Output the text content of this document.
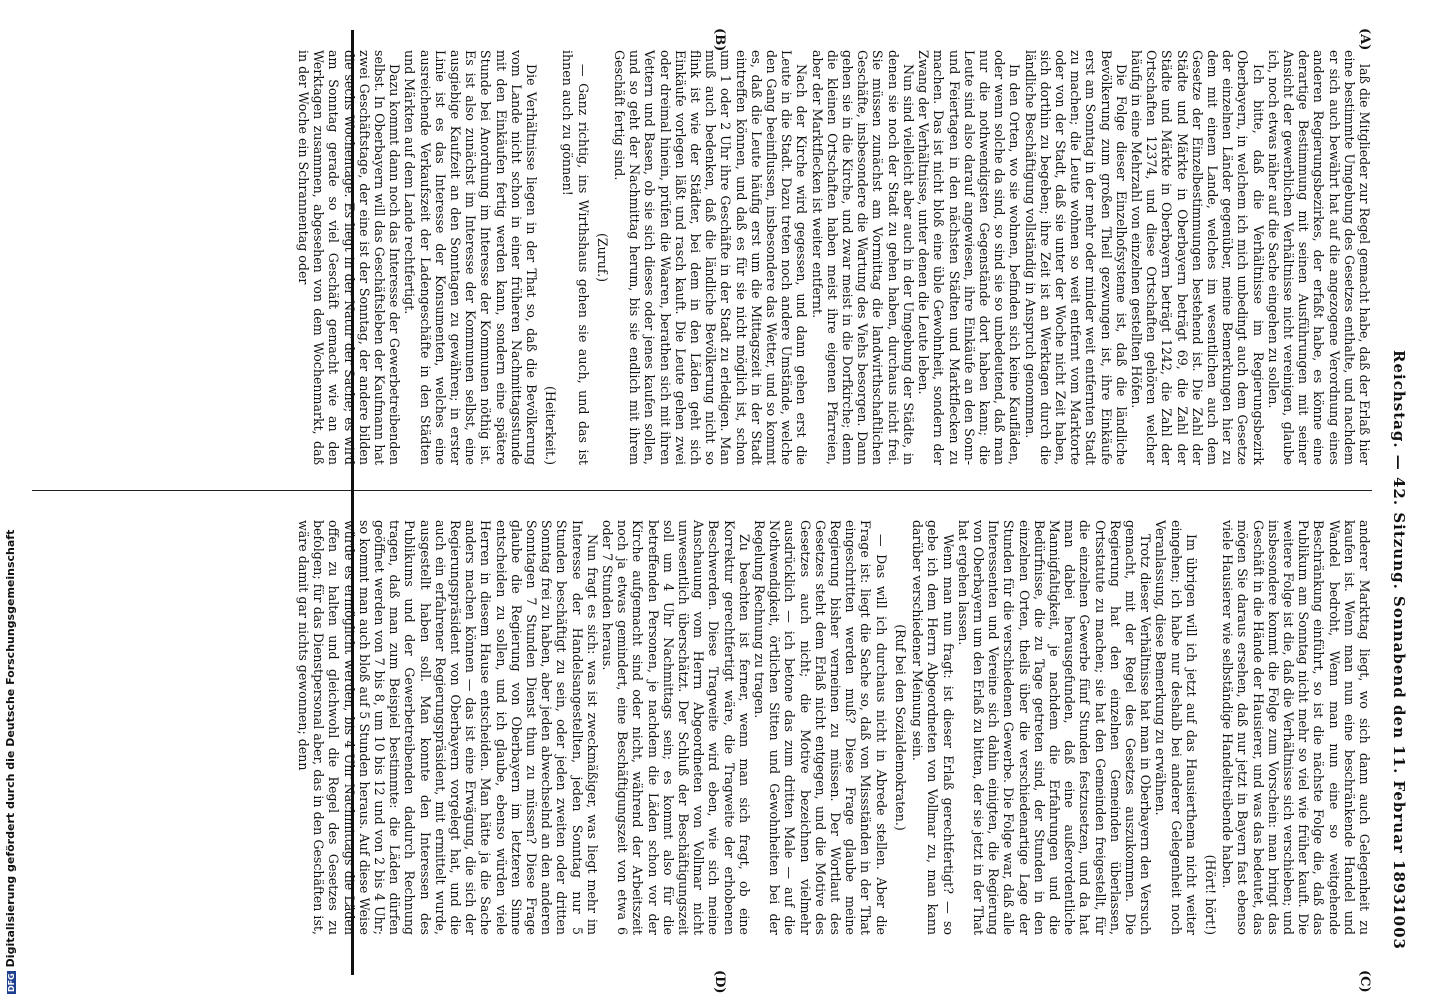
Reichstag. — 42. Sitzung. Sonnabend den 11. Februar 1893.
1003
(A)
(B)
(C)
(D)

laß die Mitglieder zur Regel gemacht habe, daß der Erlaß hier eine bestimmte Umgebung des Gesetzes enthalte, und nachdem er sich auch bewährt hat auf die angezogene Verordnung eines anderen Regierungsbezirkes, der erfaßt habe, es könne eine derartige Bestimmung mit seinen Ausführungen mit seiner Ansicht der gewerblichen Verhältnisse nicht vereinigen, glaube ich, noch etwas näher auf die Sache eingehen zu sollen.

Ich bitte, daß die Verhältnisse im Regierungsbezirk Oberbayern, in welchem ich mich unbedingt auch dem Gesetze der einzelnen Länder gegenüber, meine Bemerkungen hier zu dem mit einem Lande, welches im wesentlichen auch dem Gesetze der Einzelbestimmungen bestehend ist. Die Zahl der Städte und Märkte in Oberbayern beträgt 69, die Zahl der Städte und Märkte in Oberbayern beträgt 1242, die Zahl der Ortschaften 12374, und diese Ortschaften gehören welcher häufig in eine Mehrzahl von einzelnen gestellten Höfen.

Die Folge dieser Einzelhofsysteme ist, daß die ländliche Bevölkerung zum großen Theil gezwungen ist, ihre Einkäufe erst am Sonntag in der mehr oder minder weit entfernten Stadt zu machen; die Leute wohnen so weit entfernt vom Marktorte oder von der Stadt, daß sie unter der Woche nicht Zeit haben, sich dorthin zu begeben; ihre Zeit ist an Werktagen durch die ländliche Beschäftigung vollständig in Anspruch genommen.

In den Orten, wo sie wohnen, befinden sich keine Kaufläden, oder wenn solche da sind, so sind sie so unbedeutend, daß man nur die nothwendigsten Gegenstände dort haben kann; die Leute sind also darauf angewiesen, ihre Einkäufe an den Sonn- und Feiertagen in den nächsten Städten und Marktflecken zu machen. Das ist nicht bloß eine üble Gewohnheit, sondern der Zwang der Verhältnisse, unter denen die Leute leben.

Nun sind vielleicht aber auch in der Umgebung der Städte, in denen sie noch der Stadt zu gehen haben, durchaus nicht frei. Sie müssen zunächst am Vormittag die landwirthschaftlichen Geschäfte, insbesondere die Wartung des Viehs besorgen. Dann gehen sie in die Kirche, und zwar meist in die Dorfkirche; denn die kleinen Ortschaften haben meist ihre eigenen Pfarreien, aber der Marktflecken ist weiter entfernt.

Nach der Kirche wird gegessen, und dann gehen erst die Leute in die Stadt. Dazu treten noch andere Umstände, welche den Gang beeinflussen, insbesondere das Wetter, und so kommt es, daß die Leute häufig erst um die Mittagszeit in der Stadt eintreffen können, und daß es für sie nicht möglich ist, schon um 1 oder 2 Uhr ihre Geschäfte in der Stadt zu erledigen. Man muß auch bedenken, daß die ländliche Bevölkerung nicht so flink ist wie der Städter, bei dem in den Läden geht sich Einkäufe vorlegen läßt und rasch kauft. Die Leute gehen zwei oder dreimal hinein, prüfen die Waaren, berathen sich mit ihren Vettern und Basen, ob sie sich dieses oder jenes kaufen sollen, und so geht der Nachmittag herum, bis sie endlich mit ihrem Geschäft fertig sind.

(Zuruf.)

— Ganz richtig, ins Wirthshaus gehen sie auch, und das ist ihnen auch zu gönnen!

(Heiterkeit.)

Die Verhältnisse liegen in der That so, daß die Bevölkerung vom Lande nicht schon in einer früheren Nachmittagsstunde mit den Einkäufen fertig werden kann, sondern eine spätere Stunde bei Anordnung im Interesse der Kommunen nöthig ist. Es ist also zunächst im Interesse der Kommunen selbst, eine ausgiebige Kaufzeit an den Sonntagen zu gewähren; in erster Linie ist es das Interesse der Konsumenten, welches eine ausreichende Verkaufszeit der Ladengeschäfte in den Städten und Märkten auf dem Lande rechtfertigt.

Dazu kommt dann noch das Interesse der Gewerbetreibenden selbst. In Oberbayern will das Geschäftsleben der Kaufmann hat zwei Geschäftstage, der eine ist der Sonntag, der andere bilden die sechs Wochentage. Es liegt in der Natur der Sache; es wird am Sonntag gerade so viel Geschäft gemacht wie an den Werktagen zusammen, abgesehen von dem Wochenmarkt, daß in der Woche ein Schrannentag oder

anderer Markttag liegt, wo sich dann auch Gelegenheit zu kaufen ist. Wenn man nun eine beschränkende Handel und Wandel bedroht, Wenn man nun eine so weitgehende Beschränkung einführt, so ist die nächste Folge die, daß das Publikum am Sonntag nicht mehr so viel wie früher kauft. Die weitere Folge ist die, daß die Verhältnisse sich verschieben; und insbesondere kommt die Folge zum Vorschein: man bringt das Geschäft in die Hände der Hausierer, und was das bedeutet, das mögen Sie daraus ersehen, daß nur jetzt in Bayern fast ebenso viele Hausierer wie selbständige Handeltreibende haben.

(Hört! hört!)

Im übrigen will ich jetzt auf das Hausierthema nicht weiter eingehen; ich habe nur deshalb bei anderer Gelegenheit noch Veranlassung, diese Bemerkung zu erwähnen.

Trotz dieser Verhältnisse hat man in Oberbayern den Versuch gemacht, mit der Regel des Gesetzes auszukommen. Die Regierung hat den einzelnen Gemeinden überlassen, Ortsstatute zu machen; sie hat den Gemeinden freigestellt, für die einzelnen Gewerbe fünf Stunden festzusetzen, und da hat man dabei herausgefunden, daß eine außerordentliche Mannigfaltigkeit, je nachdem die Erfahrungen und die Bedürfnisse, die zu Tage getreten sind, der Stunden in den einzelnen Orten, theils über die verschiedenartige Lage der Stunden für die verschiedenen Gewerbe. Die Folge war, daß alle Interessenten und Vereine sich dahin einigten, die Regierung von Oberbayern um den Erlaß zu bitten, der sie jetzt in der That hat ergehen lassen.

Wenn man nun fragt: ist dieser Erlaß gerechtfertigt? — so gebe ich dem Herrn Abgeordneten von Vollmar zu, man kann darüber verschiedener Meinung sein.

(Ruf bei den Sozialdemokraten.)

— Das will ich durchaus nicht in Abrede stellen. Aber die Frage ist: liegt die Sache so, daß von Missständen in der That eingeschritten werden muß? Diese Frage glaube meine Regierung bisher verneinen zu müssen. Der Wortlaut des Gesetzes steht dem Erlaß nicht entgegen, und die Motive des Gesetzes auch nicht; die Motive bezeichnen vielmehr ausdrücklich — ich betone das zum dritten Male — auf die Nothwendigkeit, örtlichen Sitten und Gewohnheiten bei der Regelung Rechnung zu tragen.

Zu beachten ist ferner, wenn man sich fragt, ob eine Korrektur gerechtfertigt wäre, die Tragweite der erhobenen Beschwerden. Diese Tragweite wird eben, wie sich meine Anschauung vom Herrn Abgeordneten von Vollmar nicht unwesentlich überschätzt. Der Schluß der Beschäftigungszeit soll um 4 Uhr Nachmittags sein; es kommt also für die betreffenden Personen, je nachdem die Läden schon vor der Kirche aufgemacht sind oder nicht, während der Arbeitszeit noch ja etwas gemindert, eine Beschäftigungszeit von etwa 6 oder 7 Stunden heraus.

Nun fragt es sich: was ist zweckmäßiger, was liegt mehr im Interesse der Handelsangestellten, jeden Sonntag nur 5 Stunden beschäftigt zu sein, oder jeden zweiten oder dritten Sonntag frei zu haben, aber jeden abwechselnd an den anderen Sonntagen 7 Stunden Dienst thun zu müssen? Diese Frage glaube die Regierung von Oberbayern im letzteren Sinne entscheiden zu sollen, und ich glaube, ebenso würden viele Herren in diesem Hause entscheiden. Man hätte ja die Sache anders machen können — das ist eine Erwägung, die sich der Regierungspräsident von Oberbayern vorgelegt hat, und die auch ein erfahrener Regierungspräsident, mit ermittelt wurde, ausgestellt haben soll. Man konnte den Interessen des Publikums und der Gewerbetreibenden dadurch Rechnung tragen, daß man zum Beispiel bestimmte: die Läden dürfen geöffnet werden von 7 bis 8, um 10 bis 12 und von 2 bis 4 Uhr; so kommt man auch bloß auf 5 Stunden heraus. Auf diese Weise würde es ermöglicht werden, bis 4 Uhr Nachmittags die Läden offen zu halten und gleichwohl die Regel des Gesetzes zu befolgen; für das Dienstpersonal aber, das in den Geschäften ist, wäre damit gar nichts gewonnen; denn

DFGDigitalisierung gefördert durch die Deutsche Forschungsgemeinschaft
